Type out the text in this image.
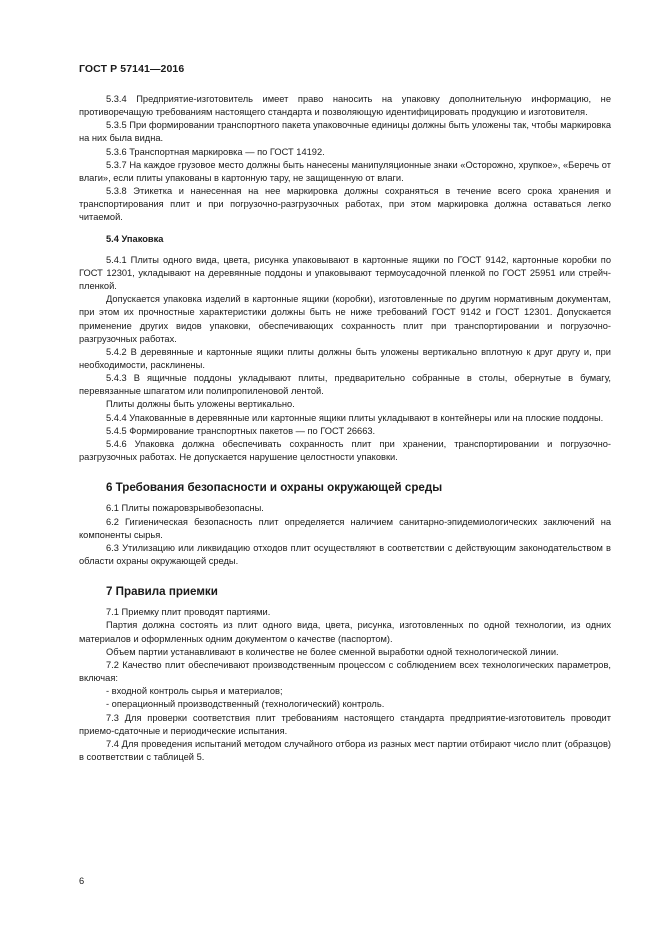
ГОСТ Р 57141—2016

5.3.4 Предприятие-изготовитель имеет право наносить на упаковку дополнительную информацию, не противоречащую требованиям настоящего стандарта и позволяющую идентифицировать продукцию и изготовителя.

5.3.5 При формировании транспортного пакета упаковочные единицы должны быть уложены так, чтобы маркировка на них была видна.

5.3.6 Транспортная маркировка — по ГОСТ 14192.

5.3.7 На каждое грузовое место должны быть нанесены манипуляционные знаки «Осторожно, хрупкое», «Беречь от влаги», если плиты упакованы в картонную тару, не защищенную от влаги.

5.3.8 Этикетка и нанесенная на нее маркировка должны сохраняться в течение всего срока хранения и транспортирования плит и при погрузочно-разгрузочных работах, при этом маркировка должна оставаться легко читаемой.

5.4 Упаковка

5.4.1 Плиты одного вида, цвета, рисунка упаковывают в картонные ящики по ГОСТ 9142, картонные коробки по ГОСТ 12301, укладывают на деревянные поддоны и упаковывают термоусадочной пленкой по ГОСТ 25951 или стрейч-пленкой.

Допускается упаковка изделий в картонные ящики (коробки), изготовленные по другим нормативным документам, при этом их прочностные характеристики должны быть не ниже требований ГОСТ 9142 и ГОСТ 12301. Допускается применение других видов упаковки, обеспечивающих сохранность плит при транспортировании и погрузочно-разгрузочных работах.

5.4.2 В деревянные и картонные ящики плиты должны быть уложены вертикально вплотную к друг другу и, при необходимости, расклинены.

5.4.3 В ящичные поддоны укладывают плиты, предварительно собранные в столы, обернутые в бумагу, перевязанные шпагатом или полипропиленовой лентой.

Плиты должны быть уложены вертикально.

5.4.4 Упакованные в деревянные или картонные ящики плиты укладывают в контейнеры или на плоские поддоны.

5.4.5 Формирование транспортных пакетов — по ГОСТ 26663.

5.4.6 Упаковка должна обеспечивать сохранность плит при хранении, транспортировании и погрузочно-разгрузочных работах. Не допускается нарушение целостности упаковки.

6 Требования безопасности и охраны окружающей среды

6.1 Плиты пожаровзрывобезопасны.

6.2 Гигиеническая безопасность плит определяется наличием санитарно-эпидемиологических заключений на компоненты сырья.

6.3 Утилизацию или ликвидацию отходов плит осуществляют в соответствии с действующим законодательством в области охраны окружающей среды.

7 Правила приемки

7.1 Приемку плит проводят партиями.

Партия должна состоять из плит одного вида, цвета, рисунка, изготовленных по одной технологии, из одних материалов и оформленных одним документом о качестве (паспортом).

Объем партии устанавливают в количестве не более сменной выработки одной технологической линии.

7.2 Качество плит обеспечивают производственным процессом с соблюдением всех технологических параметров, включая:

- входной контроль сырья и материалов;

- операционный производственный (технологический) контроль.

7.3 Для проверки соответствия плит требованиям настоящего стандарта предприятие-изготовитель проводит приемо-сдаточные и периодические испытания.

7.4 Для проведения испытаний методом случайного отбора из разных мест партии отбирают число плит (образцов) в соответствии с таблицей 5.

6
